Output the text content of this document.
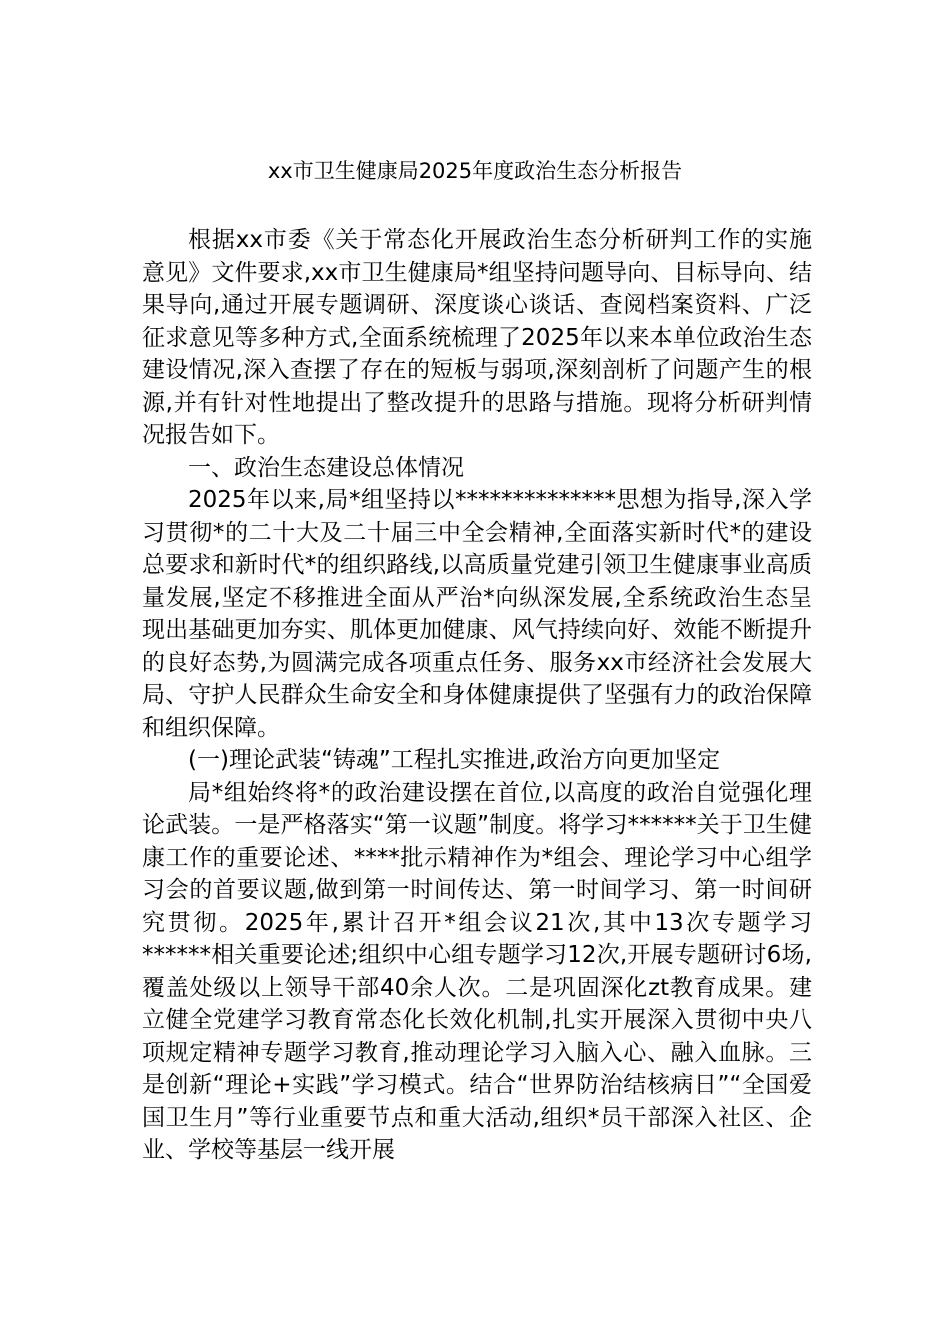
xx市卫生健康局2025年度政治生态分析报告

根据xx市委《关于常态化开展政治生态分析研判工作的实施意见》文件要求,xx市卫生健康局*组坚持问题导向、目标导向、结果导向,通过开展专题调研、深度谈心谈话、查阅档案资料、广泛征求意见等多种方式,全面系统梳理了2025年以来本单位政治生态建设情况,深入查摆了存在的短板与弱项,深刻剖析了问题产生的根源,并有针对性地提出了整改提升的思路与措施。现将分析研判情况报告如下。

一、政治生态建设总体情况

2025年以来,局*组坚持以**************思想为指导,深入学习贯彻*的二十大及二十届三中全会精神,全面落实新时代*的建设总要求和新时代*的组织路线,以高质量党建引领卫生健康事业高质量发展,坚定不移推进全面从严治*向纵深发展,全系统政治生态呈现出基础更加夯实、肌体更加健康、风气持续向好、效能不断提升的良好态势,为圆满完成各项重点任务、服务xx市经济社会发展大局、守护人民群众生命安全和身体健康提供了坚强有力的政治保障和组织保障。

(一)理论武装“铸魂”工程扎实推进,政治方向更加坚定

局*组始终将*的政治建设摆在首位,以高度的政治自觉强化理论武装。一是严格落实“第一议题”制度。将学习******关于卫生健康工作的重要论述、****批示精神作为*组会、理论学习中心组学习会的首要议题,做到第一时间传达、第一时间学习、第一时间研究贯彻。2025年,累计召开*组会议21次,其中13次专题学习******相关重要论述;组织中心组专题学习12次,开展专题研讨6场,覆盖处级以上领导干部40余人次。二是巩固深化zt教育成果。建立健全党建学习教育常态化长效化机制,扎实开展深入贯彻中央八项规定精神专题学习教育,推动理论学习入脑入心、融入血脉。三是创新“理论+实践”学习模式。结合“世界防治结核病日”“全国爱国卫生月”等行业重要节点和重大活动,组织*员干部深入社区、企业、学校等基层一线开展
